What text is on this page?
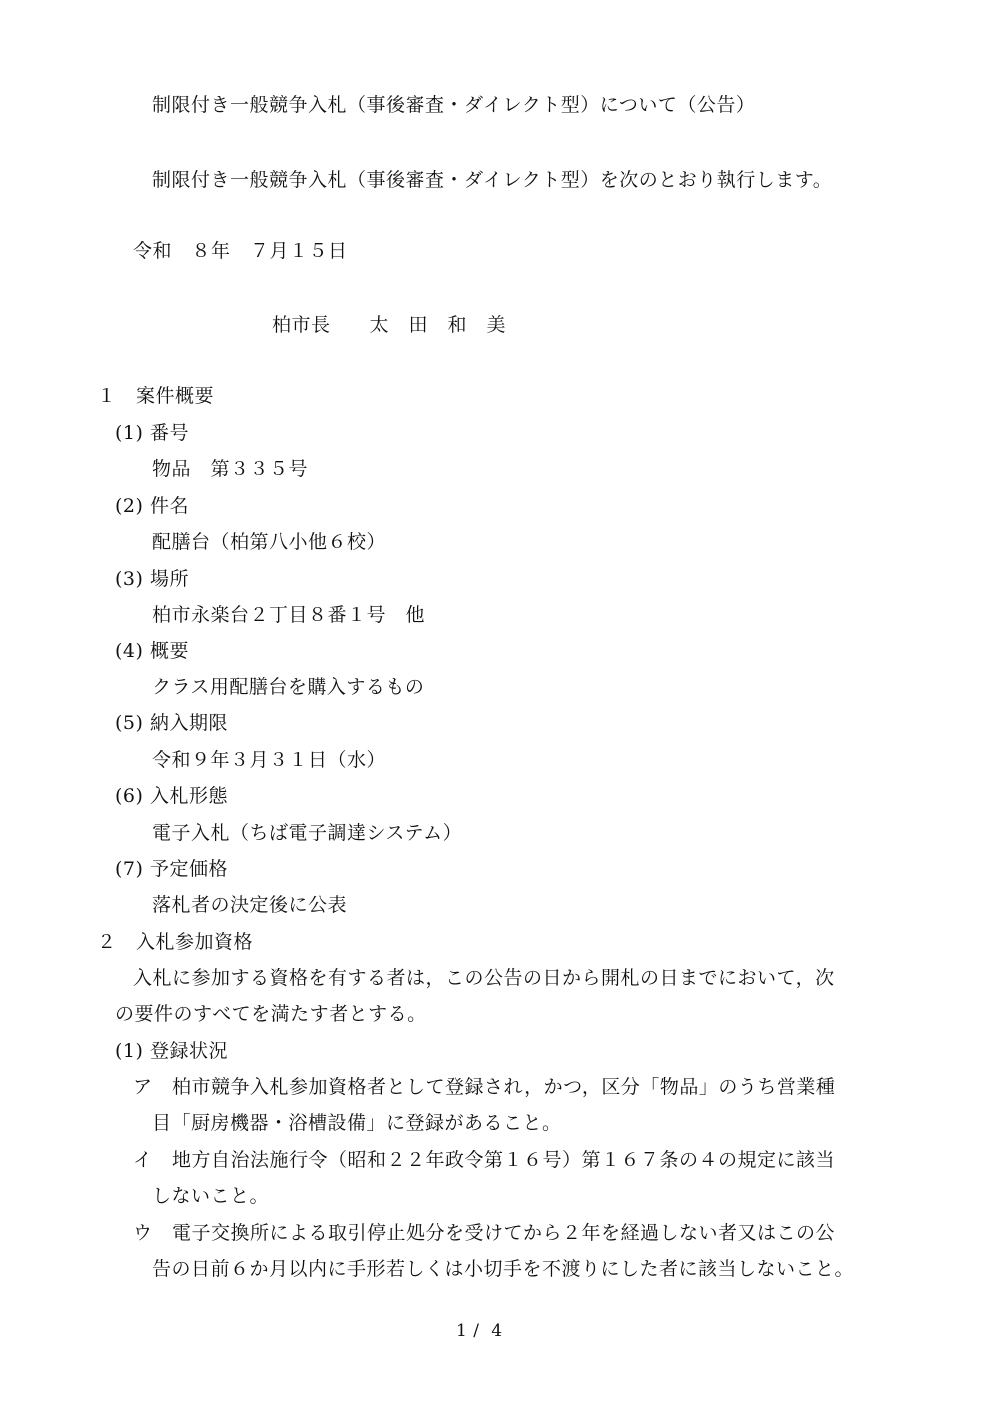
制限付き一般競争入札（事後審査・ダイレクト型）について（公告）
制限付き一般競争入札（事後審査・ダイレクト型）を次のとおり執行します。
令和　８年　７月１５日
柏市長　　太　田　和　美
１　案件概要
(1) 番号
物品　第３３５号
(2) 件名
配膳台（柏第八小他６校）
(3) 場所
柏市永楽台２丁目８番１号　他
(4) 概要
クラス用配膳台を購入するもの
(5) 納入期限
令和９年３月３１日（水）
(6) 入札形態
電子入札（ちば電子調達システム）
(7) 予定価格
落札者の決定後に公表
２　入札参加資格
入札に参加する資格を有する者は，この公告の日から開札の日までにおいて，次
の要件のすべてを満たす者とする。
(1) 登録状況
ア 柏市競争入札参加資格者として登録され，かつ，区分「物品」のうち営業種
目「厨房機器・浴槽設備」に登録があること。
イ 地方自治法施行令（昭和２２年政令第１６号）第１６７条の４の規定に該当
しないこと。
ウ 電子交換所による取引停止処分を受けてから２年を経過しない者又はこの公
告の日前６か月以内に手形若しくは小切手を不渡りにした者に該当しないこと。
1 /  4
